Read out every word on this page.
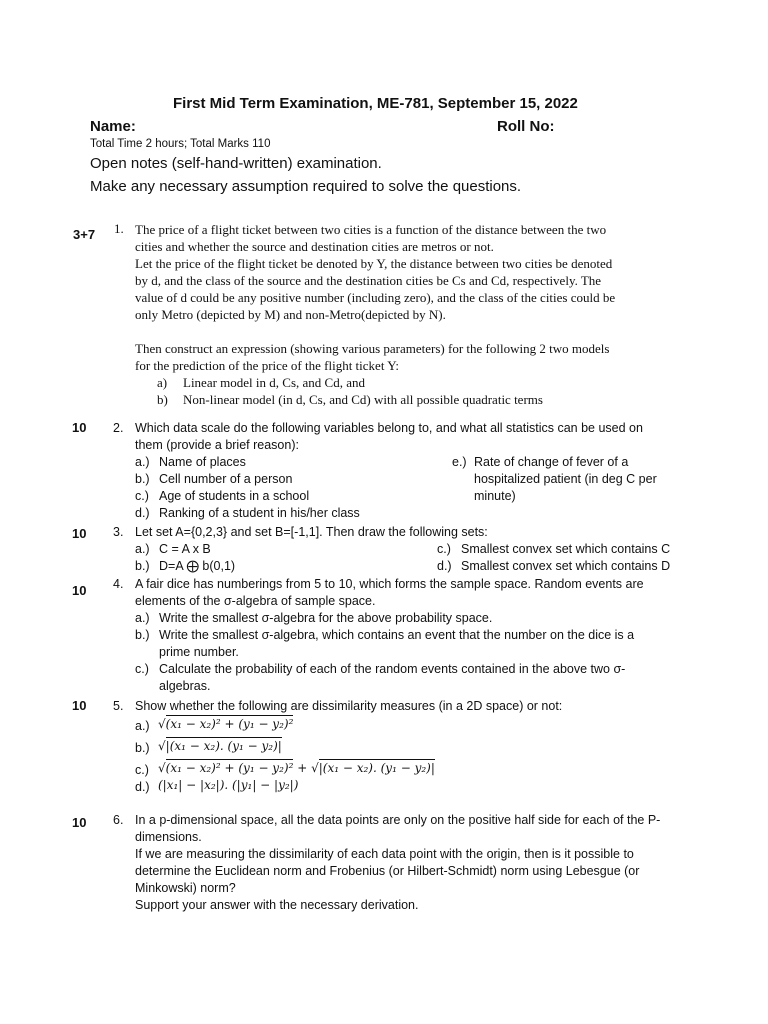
First Mid Term Examination, ME-781, September 15, 2022
Name:	Roll No:
Total Time 2 hours; Total Marks 110
Open notes (self-hand-written) examination.
Make any necessary assumption required to solve the questions.
3+7 1. The price of a flight ticket between two cities is a function of the distance between the two
cities and whether the source and destination cities are metros or not.
Let the price of the flight ticket be denoted by Y, the distance between two cities be denoted
by d, and the class of the source and the destination cities be Cs and Cd, respectively. The
value of d could be any positive number (including zero), and the class of the cities could be
only Metro (depicted by M) and non-Metro(depicted by N).
Then construct an expression (showing various parameters) for the following 2 two models
for the prediction of the price of the flight ticket Y:
a)	Linear model in d, Cs, and Cd, and
b)	Non-linear model (in d, Cs, and Cd) with all possible quadratic terms
10 2. Which data scale do the following variables belong to, and what all statistics can be used on
them (provide a brief reason):
a.) Name of places
b.) Cell number of a person
c.) Age of students in a school
d.) Ranking of a student in his/her class
e.) Rate of change of fever of a
hospitalized patient (in deg C per
minute)
10 3. Let set A={0,2,3} and set B=[-1,1]. Then draw the following sets:
a.) C = A x B
b.) D=A ⨁ b(0,1)
c.) Smallest convex set which contains C
d.) Smallest convex set which contains D
10 4. A fair dice has numberings from 5 to 10, which forms the sample space. Random events are
elements of the σ-algebra of sample space.
a.) Write the smallest σ-algebra for the above probability space.
b.) Write the smallest σ-algebra, which contains an event that the number on the dice is a
prime number.
c.) Calculate the probability of each of the random events contained in the above two σ-
algebras.
10 5. Show whether the following are dissimilarity measures (in a 2D space) or not:
a.) √(x₁ − x₂)² + (y₁ − y₂)²
b.) √|(x₁ − x₂). (y₁ − y₂)|
c.) √(x₁ − x₂)² + (y₁ − y₂)² + √|(x₁ − x₂). (y₁ − y₂)|
d.) (|x₁| − |x₂|). (|y₁| − |y₂|)
10 6. In a p-dimensional space, all the data points are only on the positive half side for each of the P-
dimensions.
If we are measuring the dissimilarity of each data point with the origin, then is it possible to
determine the Euclidean norm and Frobenius (or Hilbert-Schmidt) norm using Lebesgue (or
Minkowski) norm?
Support your answer with the necessary derivation.
